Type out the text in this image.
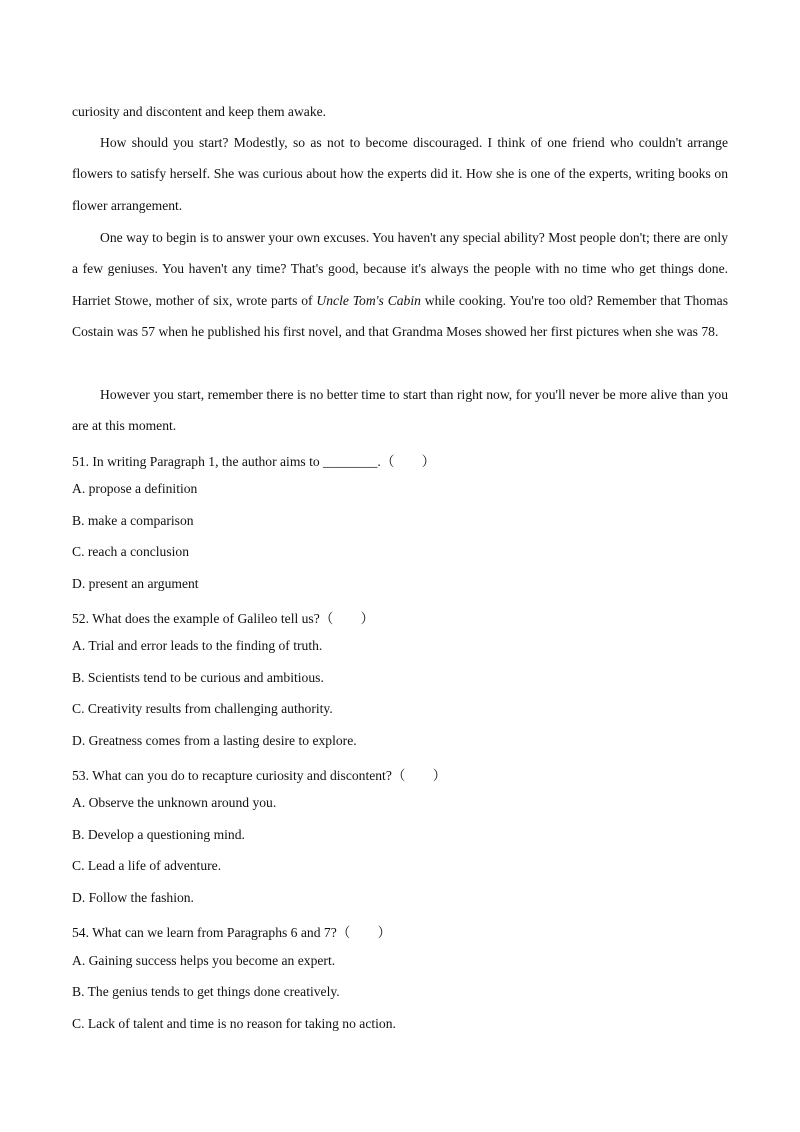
curiosity and discontent and keep them awake.

How should you start? Modestly, so as not to become discouraged. I think of one friend who couldn't arrange flowers to satisfy herself. She was curious about how the experts did it. How she is one of the experts, writing books on flower arrangement.

One way to begin is to answer your own excuses. You haven't any special ability? Most people don't; there are only a few geniuses. You haven't any time? That's good, because it's always the people with no time who get things done. Harriet Stowe, mother of six, wrote parts of Uncle Tom's Cabin while cooking. You're too old? Remember that Thomas Costain was 57 when he published his first novel, and that Grandma Moses showed her first pictures when she was 78.

However you start, remember there is no better time to start than right now, for you'll never be more alive than you are at this moment.

51. In writing Paragraph 1, the author aims to ________.（　　）

A. propose a definition

B. make a comparison

C. reach a conclusion

D. present an argument

52. What does the example of Galileo tell us?（　　）

A. Trial and error leads to the finding of truth.

B. Scientists tend to be curious and ambitious.

C. Creativity results from challenging authority.

D. Greatness comes from a lasting desire to explore.

53. What can you do to recapture curiosity and discontent?（　　）

A. Observe the unknown around you.

B. Develop a questioning mind.

C. Lead a life of adventure.

D. Follow the fashion.

54. What can we learn from Paragraphs 6 and 7?（　　）

A. Gaining success helps you become an expert.

B. The genius tends to get things done creatively.

C. Lack of talent and time is no reason for taking no action.
